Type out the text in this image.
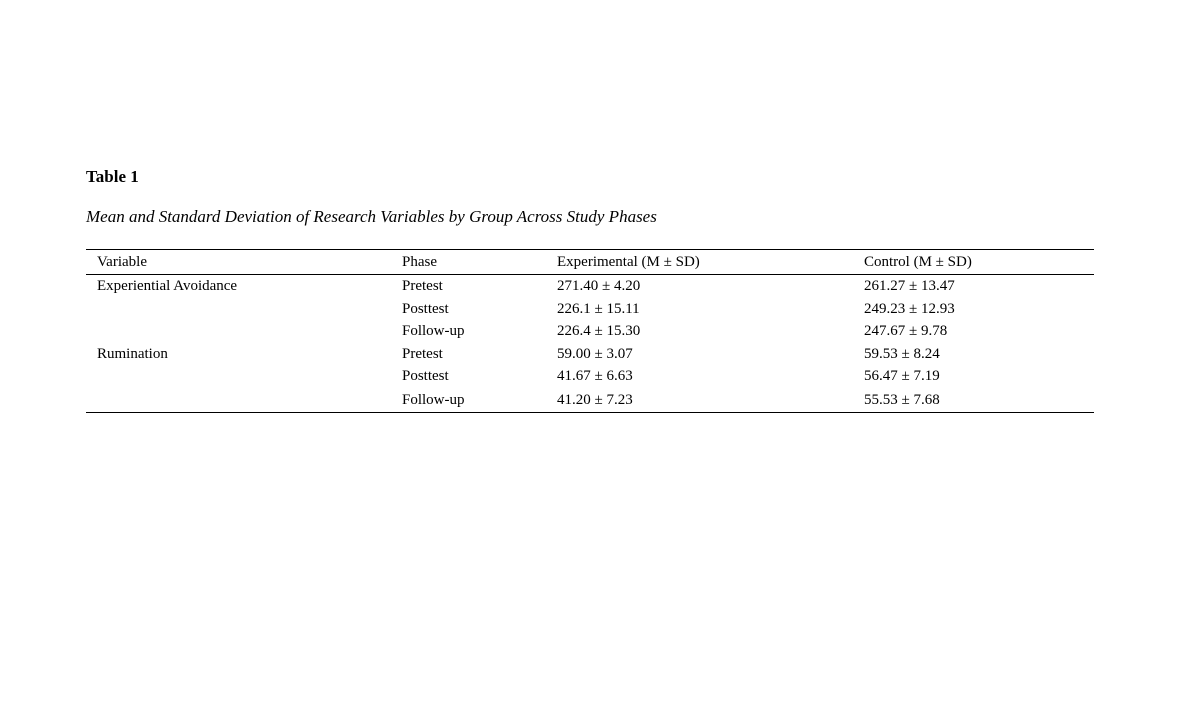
Table 1
Mean and Standard Deviation of Research Variables by Group Across Study Phases
Variable	Phase	Experimental (M ± SD)	Control (M ± SD)
Experiential Avoidance	Pretest	271.40 ± 4.20	261.27 ± 13.47
	Posttest	226.1 ± 15.11	249.23 ± 12.93
	Follow-up	226.4 ± 15.30	247.67 ± 9.78
Rumination	Pretest	59.00 ± 3.07	59.53 ± 8.24
	Posttest	41.67 ± 6.63	56.47 ± 7.19
	Follow-up	41.20 ± 7.23	55.53 ± 7.68
